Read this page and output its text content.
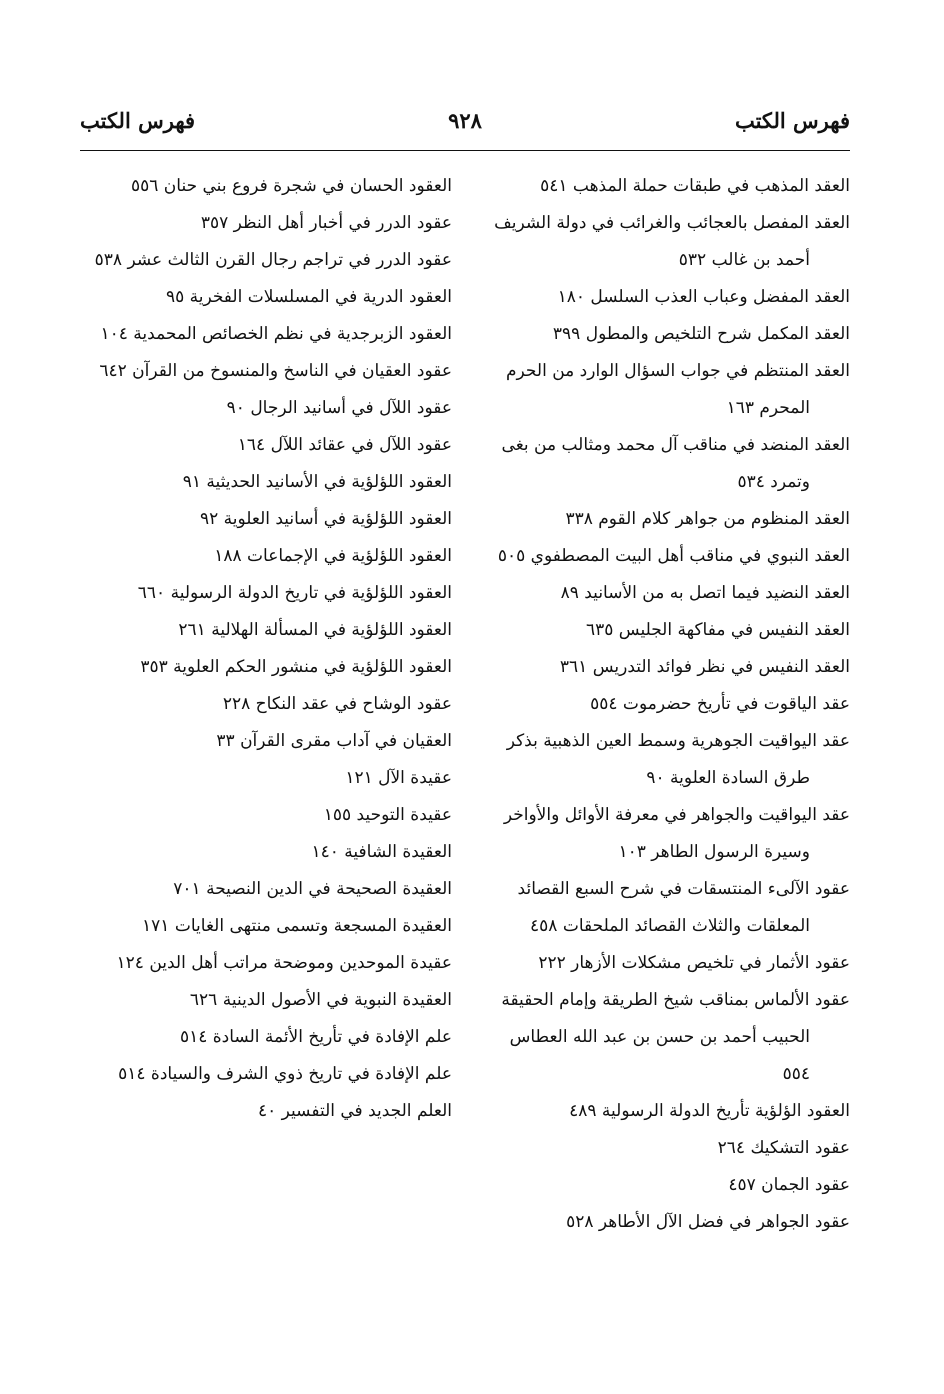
فهرس الكتب
٩٢٨
فهرس الكتب

العقد المذهب في طبقات حملة المذهب ٥٤١

العقد المفصل بالعجائب والغرائب في دولة الشريف أحمد بن غالب ٥٣٢

العقد المفضل وعباب العذب السلسل ١٨٠

العقد المكمل شرح التلخيص والمطول ٣٩٩

العقد المنتظم في جواب السؤال الوارد من الحرم المحرم ١٦٣

العقد المنضد في مناقب آل محمد ومثالب من بغى وتمرد ٥٣٤

العقد المنظوم من جواهر كلام القوم ٣٣٨

العقد النبوي في مناقب أهل البيت المصطفوي ٥٠٥

العقد النضيد فيما اتصل به من الأسانيد ٨٩

العقد النفيس في مفاكهة الجليس ٦٣٥

العقد النفيس في نظر فوائد التدريس ٣٦١

عقد الياقوت في تأريخ حضرموت ٥٥٤

عقد اليواقيت الجوهرية وسمط العين الذهبية بذكر طرق السادة العلوية ٩٠

عقد اليواقيت والجواهر في معرفة الأوائل والأواخر وسيرة الرسول الطاهر ١٠٣

عقود الآلىء المنتسقات في شرح السبع القصائد المعلقات والثلاث القصائد الملحقات ٤٥٨

عقود الأثمار في تلخيص مشكلات الأزهار ٢٢٢

عقود الألماس بمناقب شيخ الطريقة وإمام الحقيقة الحبيب أحمد بن حسن بن عبد الله العطاس ٥٥٤

العقود الؤلؤية تأريخ الدولة الرسولية ٤٨٩

عقود التشكيك ٢٦٤

عقود الجمان ٤٥٧

عقود الجواهر في فضل الآل الأطاهر ٥٢٨

العقود الحسان في شجرة فروع بني حنان ٥٥٦

عقود الدرر في أخبار أهل النظر ٣٥٧

عقود الدرر في تراجم رجال القرن الثالث عشر ٥٣٨

العقود الدرية في المسلسلات الفخرية ٩٥

العقود الزبرجدية في نظم الخصائص المحمدية ١٠٤

عقود العقيان في الناسخ والمنسوخ من القرآن ٦٤٢

عقود اللآل في أسانيد الرجال ٩٠

عقود اللآل في عقائد اللآل ١٦٤

العقود اللؤلؤية في الأسانيد الحديثية ٩١

العقود اللؤلؤية في أسانيد العلوية ٩٢

العقود اللؤلؤية في الإجماعات ١٨٨

العقود اللؤلؤية في تاريخ الدولة الرسولية ٦٦٠

العقود اللؤلؤية في المسألة الهلالية ٢٦١

العقود اللؤلؤية في منشور الحكم العلوية ٣٥٣

عقود الوشاح في عقد النكاح ٢٢٨

العقيان في آداب مقرى القرآن ٣٣

عقيدة الآل ١٢١

عقيدة التوحيد ١٥٥

العقيدة الشافية ١٤٠

العقيدة الصحيحة في الدين النصيحة ٧٠١

العقيدة المسجعة وتسمى منتهى الغايات ١٧١

عقيدة الموحدين وموضحة مراتب أهل الدين ١٢٤

العقيدة النبوية في الأصول الدينية ٦٢٦

علم الإفادة في تأريخ الأئمة السادة ٥١٤

علم الإفادة في تاريخ ذوي الشرف والسيادة ٥١٤

العلم الجديد في التفسير ٤٠
